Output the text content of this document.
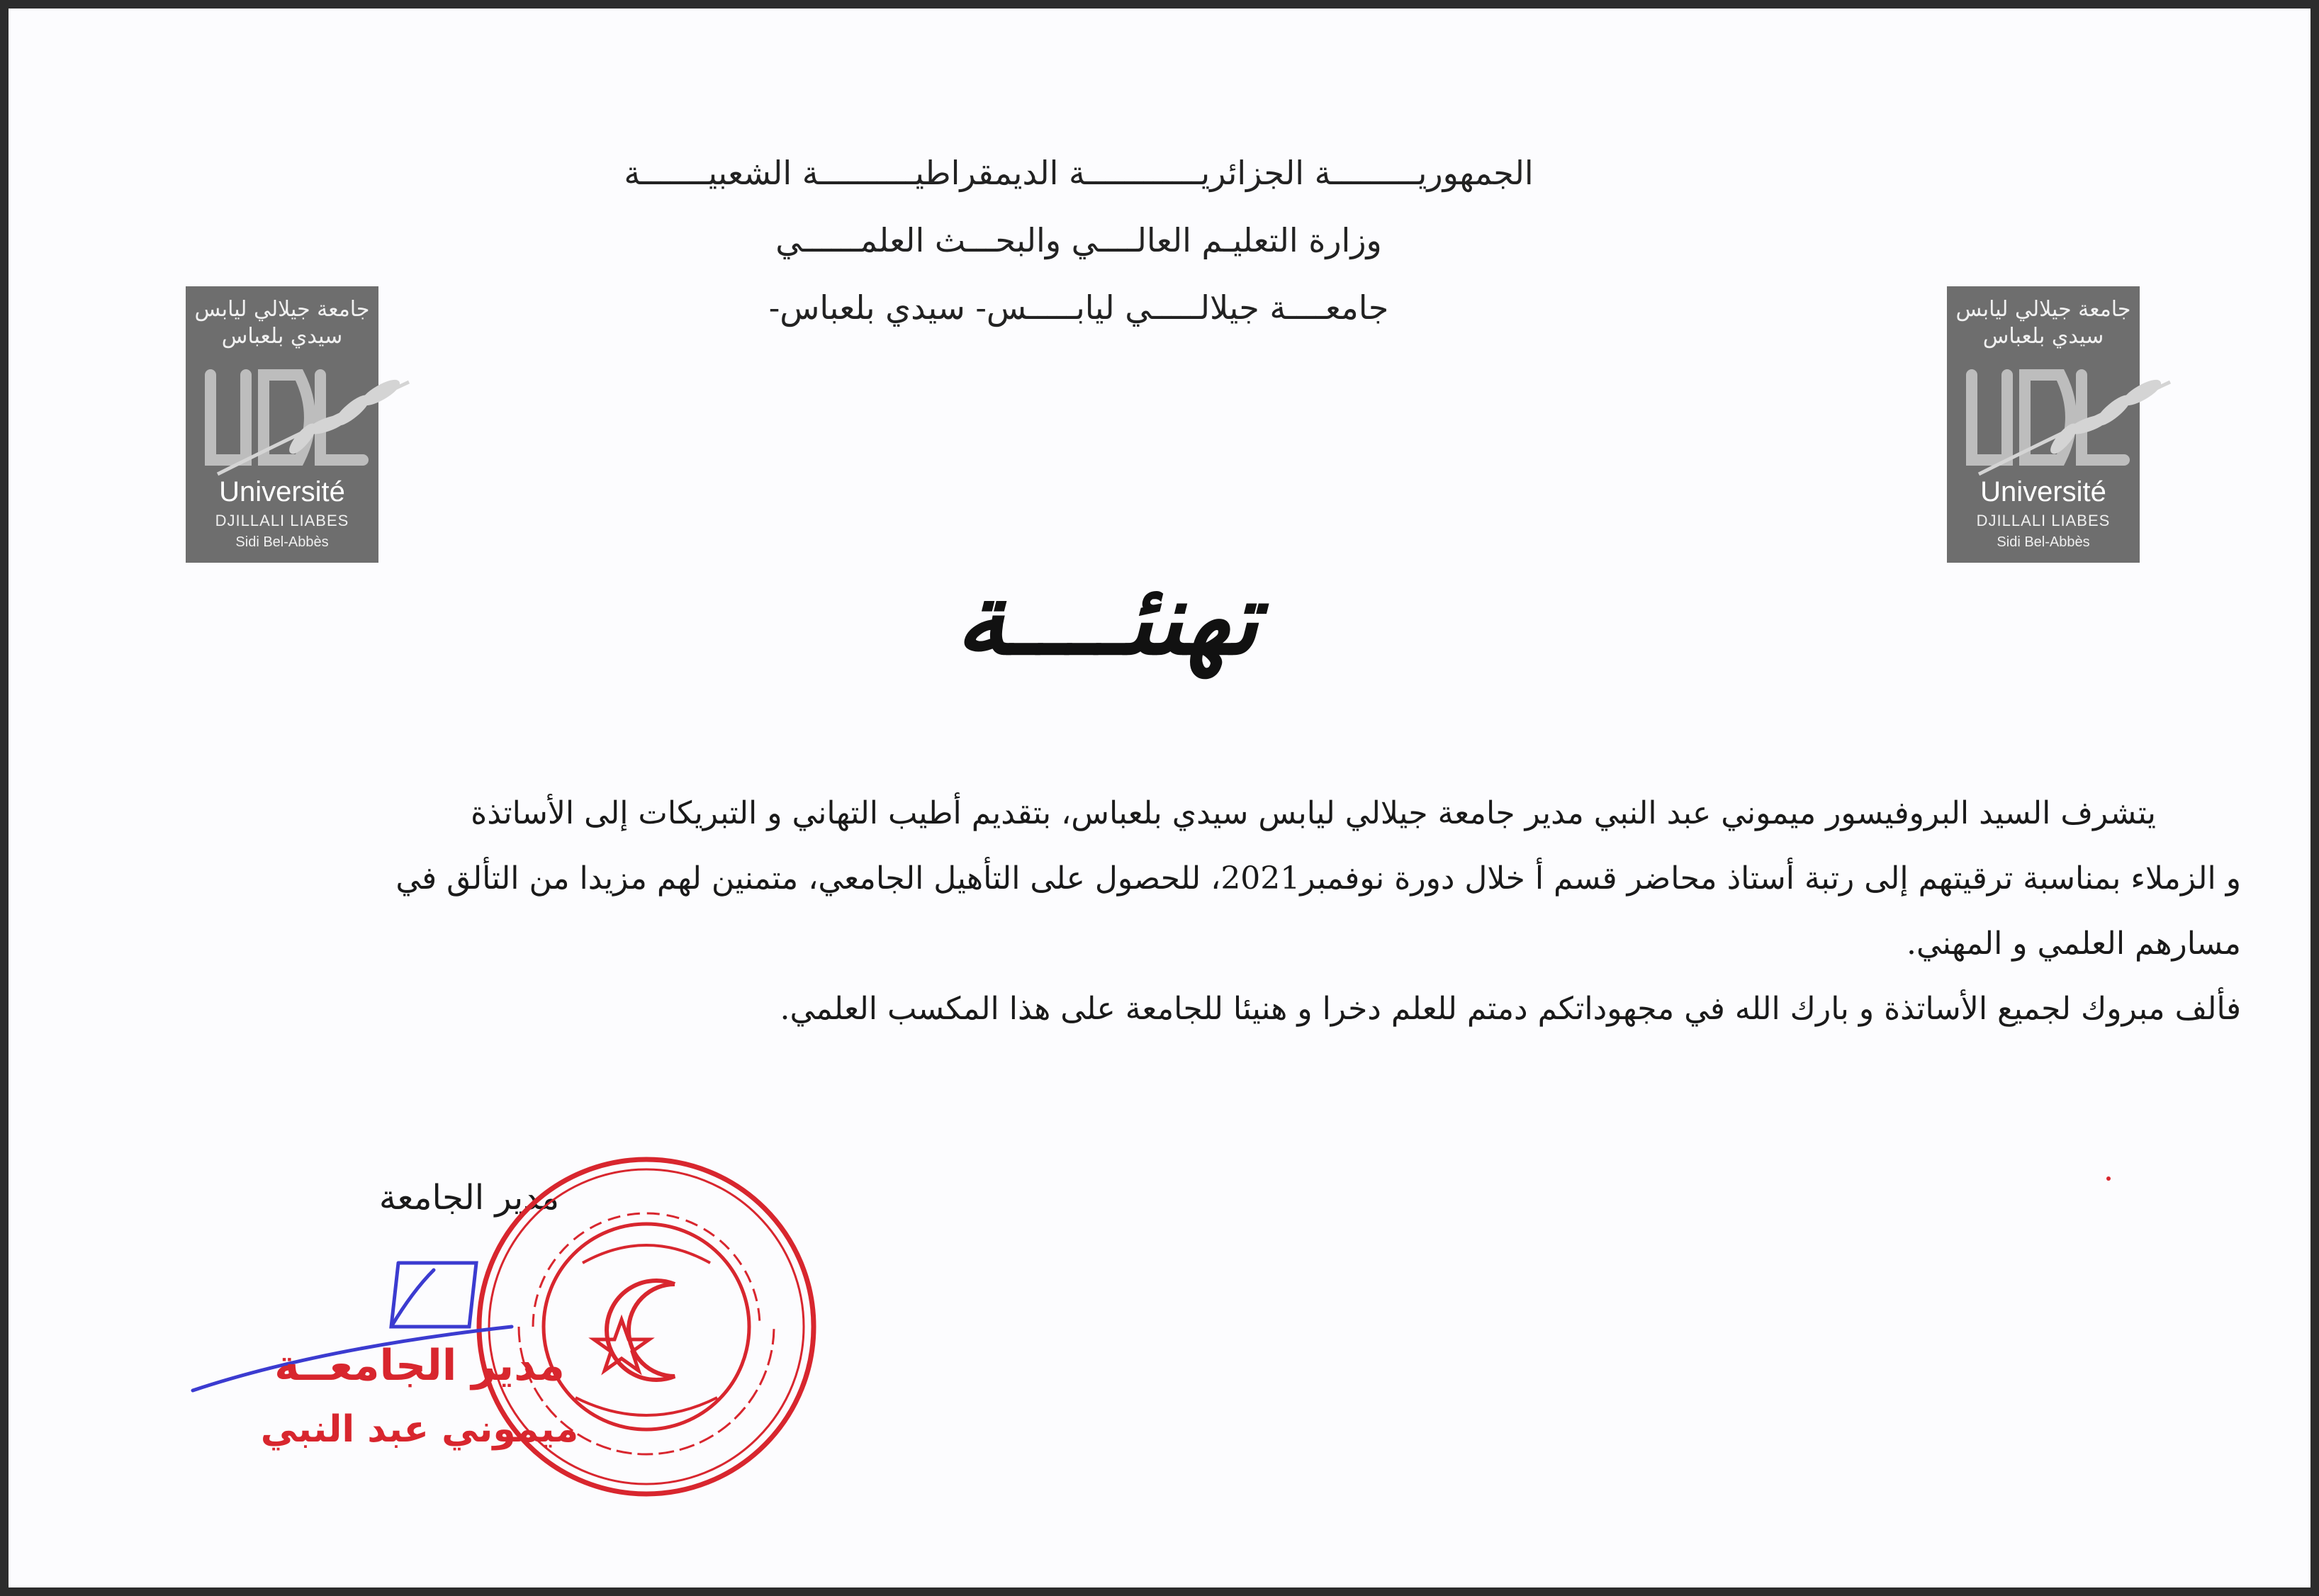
الجمهوريـــــــــة الجزائريــــــــــــة الديمقراطيــــــــــة الشعبيـــــــة
وزارة التعليـم العالــــي والبحـــث العلمــــــي
جامعــــة جيلالـــــي ليابـــــس- سيدي بلعباس-
جامعة جيلالي ليابس
سيدي بلعباس
Université
DJILLALI LIABES
Sidi Bel-Abbès
جامعة جيلالي ليابس
سيدي بلعباس
Université
DJILLALI LIABES
Sidi Bel-Abbès
تهنئــــة

يتشرف السيد البروفيسور ميموني عبد النبي مدير جامعة جيلالي ليابس سيدي بلعباس، بتقديم أطيب التهاني و التبريكات إلى الأساتذة

و الزملاء بمناسبة ترقيتهم إلى رتبة أستاذ محاضر قسم أ خلال دورة نوفمبر2021، للحصول على التأهيل الجامعي، متمنين لهم مزيدا من التألق في

مسارهم العلمي و المهني.

فألف مبروك لجميع الأساتذة و بارك الله في مجهوداتكم دمتم للعلم دخرا و هنيئا للجامعة على هذا المكسب العلمي.

مدير الجامعة
مدير الجامعــة
ميموني عبد النبي
